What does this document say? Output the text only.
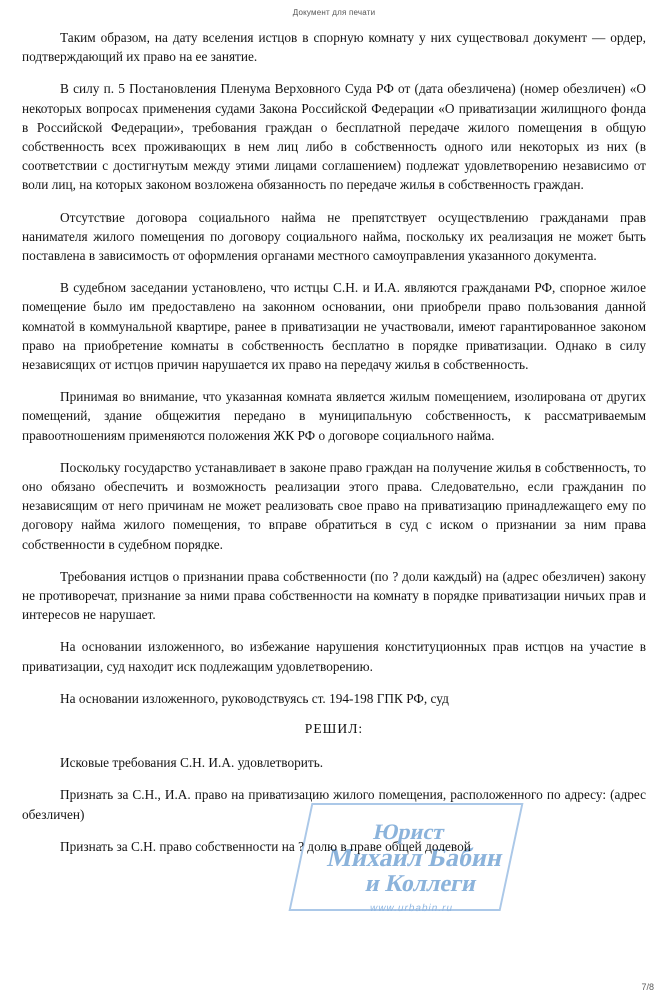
Документ для печати
Юрист
Михаил Бабин
и Коллеги
www.urbabin.ru

Таким образом, на дату вселения истцов в спорную комнату у них существовал документ — ордер, подтверждающий их право на ее занятие.

В силу п. 5 Постановления Пленума Верховного Суда РФ от (дата обезличена) (номер обезличен) «О некоторых вопросах применения судами Закона Российской Федерации «О приватизации жилищного фонда в Российской Федерации», требования граждан о бесплатной передаче жилого помещения в общую собственность всех проживающих в нем лиц либо в собственность одного или некоторых из них (в соответствии с достигнутым между этими лицами соглашением) подлежат удовлетворению независимо от воли лиц, на которых законом возложена обязанность по передаче жилья в собственность граждан.

Отсутствие договора социального найма не препятствует осуществлению гражданами прав нанимателя жилого помещения по договору социального найма, поскольку их реализация не может быть поставлена в зависимость от оформления органами местного самоуправления указанного документа.

В судебном заседании установлено, что истцы С.Н. и И.А. являются гражданами РФ, спорное жилое помещение было им предоставлено на законном основании, они приобрели право пользования данной комнатой в коммунальной квартире, ранее в приватизации не участвовали, имеют гарантированное законом право на приобретение комнаты в собственность бесплатно в порядке приватизации. Однако в силу независящих от истцов причин нарушается их право на передачу жилья в собственность.

Принимая во внимание, что указанная комната является жилым помещением, изолирована от других помещений, здание общежития передано в муниципальную собственность, к рассматриваемым правоотношениям применяются положения ЖК РФ о договоре социального найма.

Поскольку государство устанавливает в законе право граждан на получение жилья в собственность, то оно обязано обеспечить и возможность реализации этого права. Следовательно, если гражданин по независящим от него причинам не может реализовать свое право на приватизацию принадлежащего ему по договору найма жилого помещения, то вправе обратиться в суд с иском о признании за ним права собственности в судебном порядке.

Требования истцов о признании права собственности (по ? доли каждый) на (адрес обезличен) закону не противоречат, признание за ними права собственности на комнату в порядке приватизации ничьих прав и интересов не нарушает.

На основании изложенного, во избежание нарушения конституционных прав истцов на участие в приватизации, суд находит иск подлежащим удовлетворению.

На основании изложенного, руководствуясь ст. 194-198 ГПК РФ, суд

РЕШИЛ:

Исковые требования С.Н. И.А. удовлетворить.

Признать за С.Н., И.А. право на приватизацию жилого помещения, расположенного по адресу: (адрес обезличен)

Признать за С.Н. право собственности на ? долю в праве общей долевой

7/8
